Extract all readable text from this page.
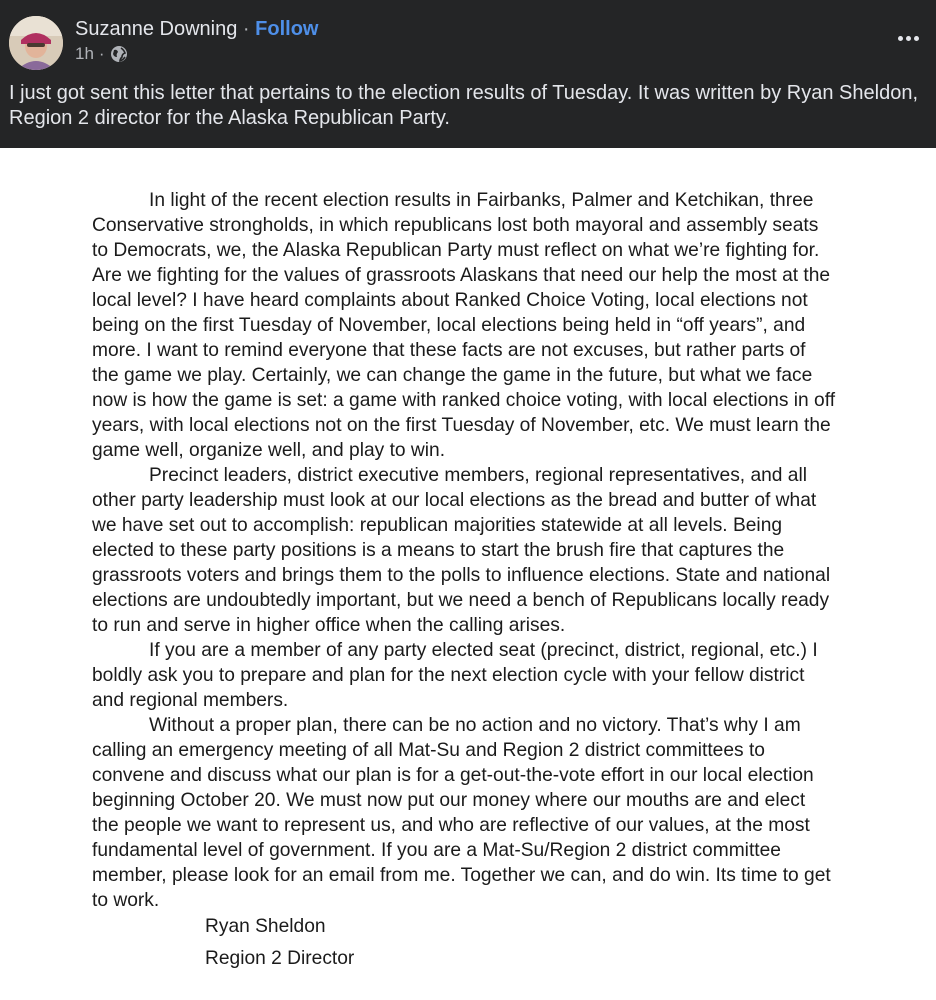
Suzanne Downing · Follow
1h ·
I just got sent this letter that pertains to the election results of Tuesday. It was written by Ryan Sheldon, Region 2 director for the Alaska Republican Party.

In light of the recent election results in Fairbanks, Palmer and Ketchikan, three Conservative strongholds, in which republicans lost both mayoral and assembly seats to Democrats, we, the Alaska Republican Party must reflect on what we’re fighting for. Are we fighting for the values of grassroots Alaskans that need our help the most at the local level? I have heard complaints about Ranked Choice Voting, local elections not being on the first Tuesday of November, local elections being held in “off years”, and more. I want to remind everyone that these facts are not excuses, but rather parts of the game we play. Certainly, we can change the game in the future, but what we face now is how the game is set: a game with ranked choice voting, with local elections in off years, with local elections not on the first Tuesday of November, etc. We must learn the game well, organize well, and play to win.

Precinct leaders, district executive members, regional representatives, and all other party leadership must look at our local elections as the bread and butter of what we have set out to accomplish: republican majorities statewide at all levels. Being elected to these party positions is a means to start the brush fire that captures the grassroots voters and brings them to the polls to influence elections. State and national elections are undoubtedly important, but we need a bench of Republicans locally ready to run and serve in higher office when the calling arises.

If you are a member of any party elected seat (precinct, district, regional, etc.) I boldly ask you to prepare and plan for the next election cycle with your fellow district and regional members.

Without a proper plan, there can be no action and no victory. That’s why I am calling an emergency meeting of all Mat-Su and Region 2 district committees to convene and discuss what our plan is for a get-out-the-vote effort in our local election beginning October 20. We must now put our money where our mouths are and elect the people we want to represent us, and who are reflective of our values, at the most fundamental level of government. If you are a Mat-Su/Region 2 district committee member, please look for an email from me. Together we can, and do win. Its time to get to work.

Ryan Sheldon
Region 2 Director
